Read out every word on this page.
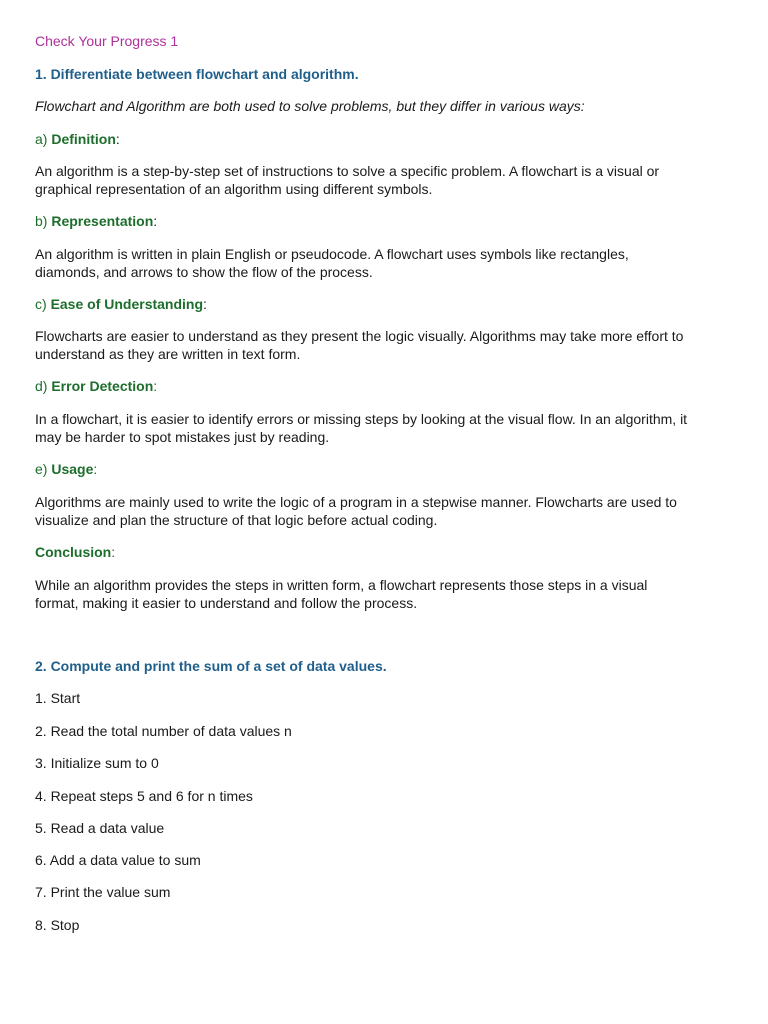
Check Your Progress 1

1. Differentiate between flowchart and algorithm.

Flowchart and Algorithm are both used to solve problems, but they differ in various ways:

a) Definition:

An algorithm is a step-by-step set of instructions to solve a specific problem. A flowchart is a visual or
graphical representation of an algorithm using different symbols.

b) Representation:

An algorithm is written in plain English or pseudocode. A flowchart uses symbols like rectangles,
diamonds, and arrows to show the flow of the process.

c) Ease of Understanding:

Flowcharts are easier to understand as they present the logic visually. Algorithms may take more effort to
understand as they are written in text form.

d) Error Detection:

In a flowchart, it is easier to identify errors or missing steps by looking at the visual flow. In an algorithm, it
may be harder to spot mistakes just by reading.

e) Usage:

Algorithms are mainly used to write the logic of a program in a stepwise manner. Flowcharts are used to
visualize and plan the structure of that logic before actual coding.

Conclusion:

While an algorithm provides the steps in written form, a flowchart represents those steps in a visual
format, making it easier to understand and follow the process.

2. Compute and print the sum of a set of data values.

1. Start

2. Read the total number of data values n

3. Initialize sum to 0

4. Repeat steps 5 and 6 for n times

5. Read a data value

6. Add a data value to sum

7. Print the value sum

8. Stop
